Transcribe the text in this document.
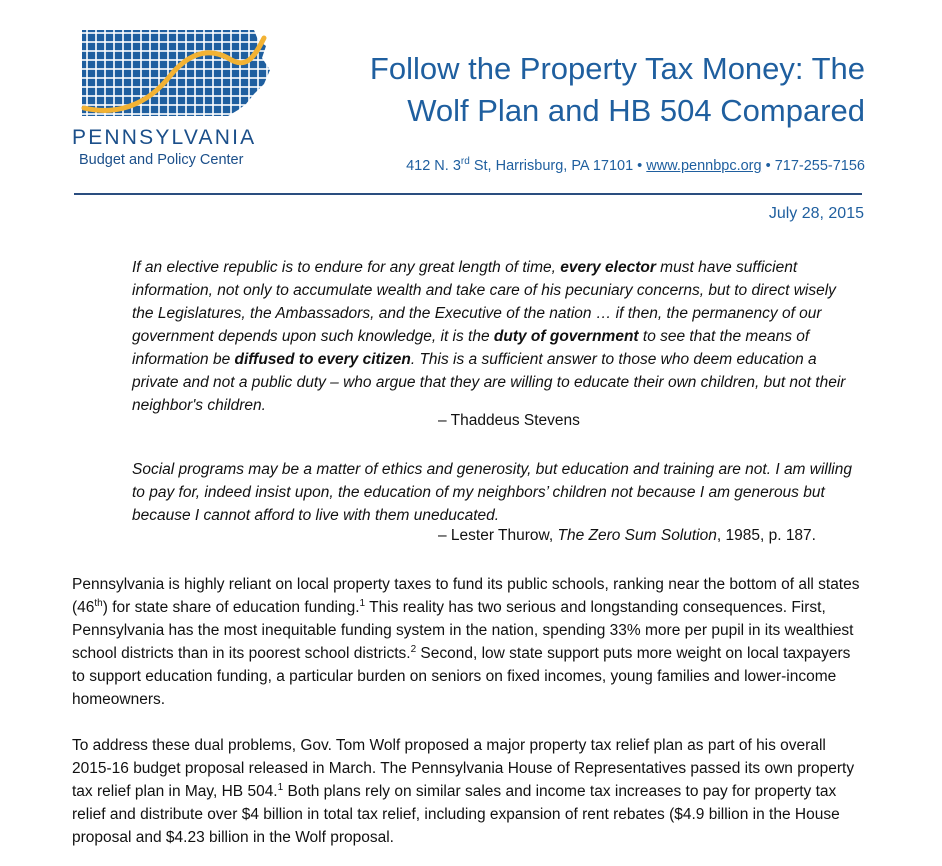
PENNSYLVANIA
Budget and Policy Center
Follow the Property Tax Money: The
Wolf Plan and HB 504 Compared
412 N. 3rd St, Harrisburg, PA 17101 • www.pennbpc.org • 717-255-7156
July 28, 2015

If an elective republic is to endure for any great length of time, every elector must have sufficient information, not only to accumulate wealth and take care of his pecuniary concerns, but to direct wisely the Legislatures, the Ambassadors, and the Executive of the nation … if then, the permanency of our government depends upon such knowledge, it is the duty of government to see that the means of information be diffused to every citizen. This is a sufficient answer to those who deem education a private and not a public duty – who argue that they are willing to educate their own children, but not their neighbor's children.

– Thaddeus Stevens

Social programs may be a matter of ethics and generosity, but education and training are not. I am willing to pay for, indeed insist upon, the education of my neighbors’ children not because I am generous but because I cannot afford to live with them uneducated.

– Lester Thurow, The Zero Sum Solution, 1985, p. 187.

Pennsylvania is highly reliant on local property taxes to fund its public schools, ranking near the bottom of all states (46th) for state share of education funding.$^1$ This reality has two serious and longstanding consequences. First, Pennsylvania has the most inequitable funding system in the nation, spending 33% more per pupil in its wealthiest school districts than in its poorest school districts.$^2$ Second, low state support puts more weight on local taxpayers to support education funding, a particular burden on seniors on fixed incomes, young families and lower-income homeowners.

To address these dual problems, Gov. Tom Wolf proposed a major property tax relief plan as part of his overall 2015-16 budget proposal released in March. The Pennsylvania House of Representatives passed its own property tax relief plan in May, HB 504.$^1$ Both plans rely on similar sales and income tax increases to pay for property tax relief and distribute over $4 billion in total tax relief, including expansion of rent rebates ($4.9 billion in the House proposal and $4.23 billion in the Wolf proposal.
